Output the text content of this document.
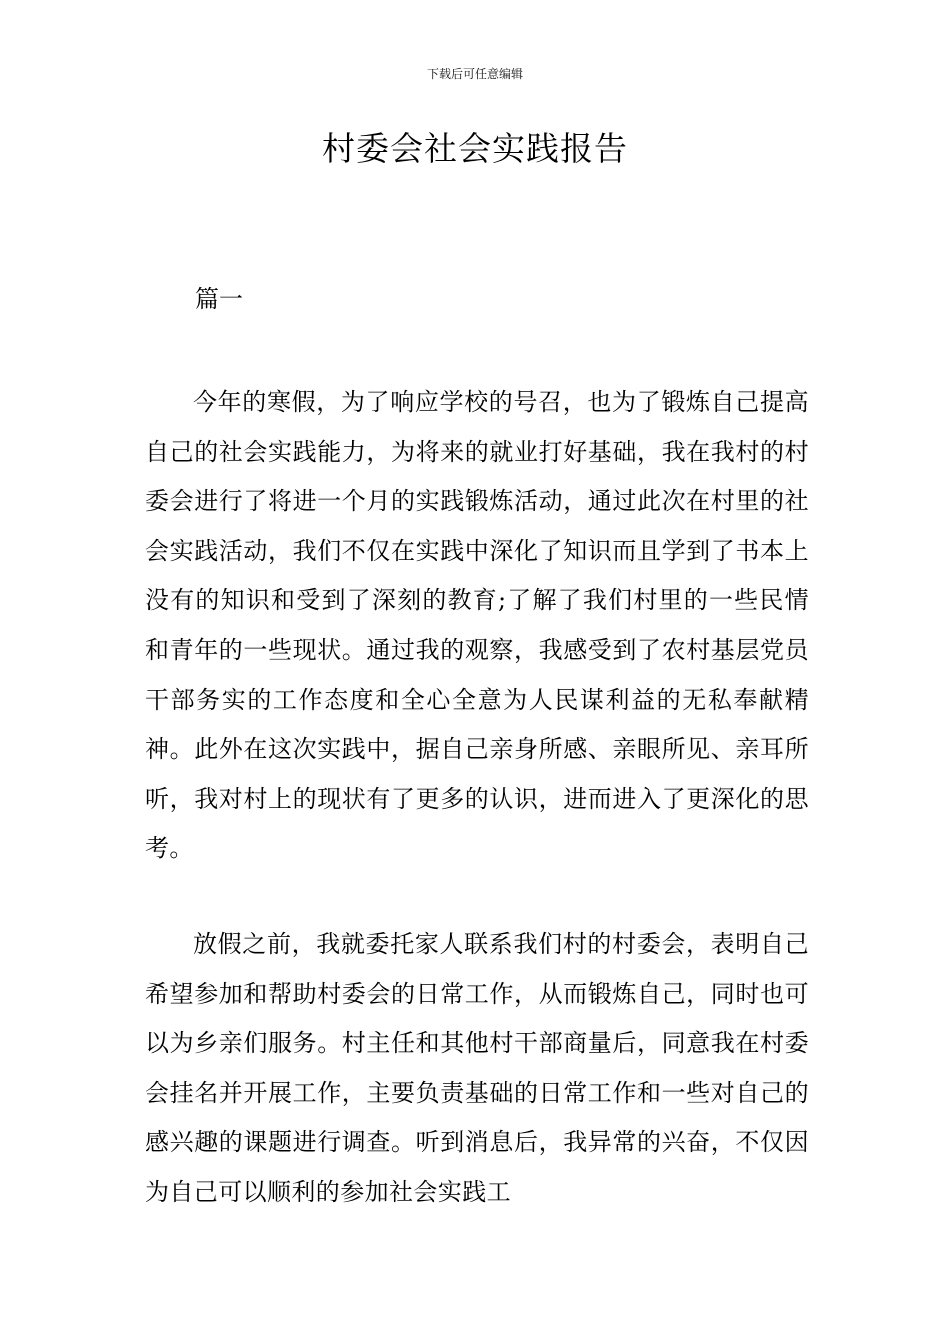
下载后可任意编辑
村委会社会实践报告

篇一

今年的寒假，为了响应学校的号召，也为了锻炼自己提高自己的社会实践能力，为将来的就业打好基础，我在我村的村委会进行了将进一个月的实践锻炼活动，通过此次在村里的社会实践活动，我们不仅在实践中深化了知识而且学到了书本上没有的知识和受到了深刻的教育;了解了我们村里的一些民情和青年的一些现状。通过我的观察，我感受到了农村基层党员干部务实的工作态度和全心全意为人民谋利益的无私奉献精神。此外在这次实践中，据自己亲身所感、亲眼所见、亲耳所听，我对村上的现状有了更多的认识，进而进入了更深化的思考。

放假之前，我就委托家人联系我们村的村委会，表明自己希望参加和帮助村委会的日常工作，从而锻炼自己，同时也可以为乡亲们服务。村主任和其他村干部商量后，同意我在村委会挂名并开展工作，主要负责基础的日常工作和一些对自己的感兴趣的课题进行调查。听到消息后，我异常的兴奋，不仅因为自己可以顺利的参加社会实践工
